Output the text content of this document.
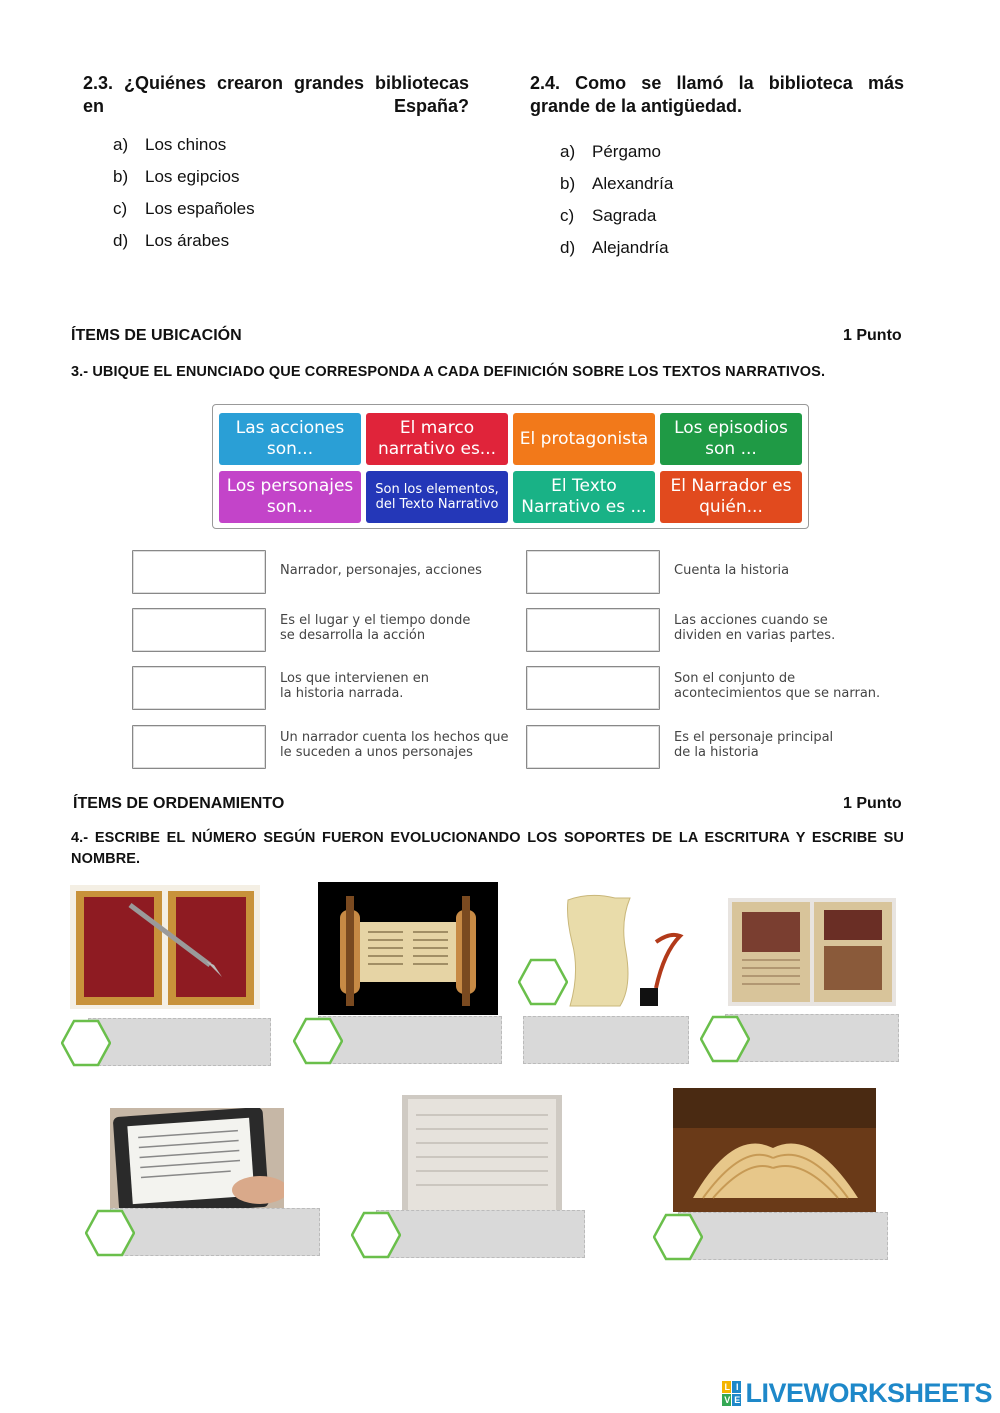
2.3. ¿Quiénes crearon grandes bibliotecas en España?
a) Los chinos
b) Los egipcios
c) Los españoles
d) Los árabes
2.4. Como se llamó la biblioteca más grande de la antigüedad.
a) Pérgamo
b) Alexandría
c) Sagrada
d) Alejandría
ÍTEMS DE UBICACIÓN	1 Punto
3.- UBIQUE EL ENUNCIADO QUE CORRESPONDA A CADA DEFINICIÓN SOBRE LOS TEXTOS NARRATIVOS.
Las acciones son...
El marco narrativo es...
El protagonista
Los episodios son ...
Los personajes son...
Son los elementos, del Texto Narrativo
El Texto Narrativo es ...
El Narrador es quién...
Narrador, personajes, acciones
Es el lugar y el tiempo donde se desarrolla la acción
Los que intervienen en la historia narrada.
Un narrador cuenta los hechos que le suceden a unos personajes
Cuenta la historia
Las acciones cuando se dividen en varias partes.
Son el conjunto de acontecimientos que se narran.
Es el personaje principal de la historia
ÍTEMS DE ORDENAMIENTO	1 Punto
4.- ESCRIBE EL NÚMERO SEGÚN FUERON EVOLUCIONANDO LOS SOPORTES DE LA ESCRITURA Y ESCRIBE SU NOMBRE.
L I
V E LIVEWORKSHEETS
